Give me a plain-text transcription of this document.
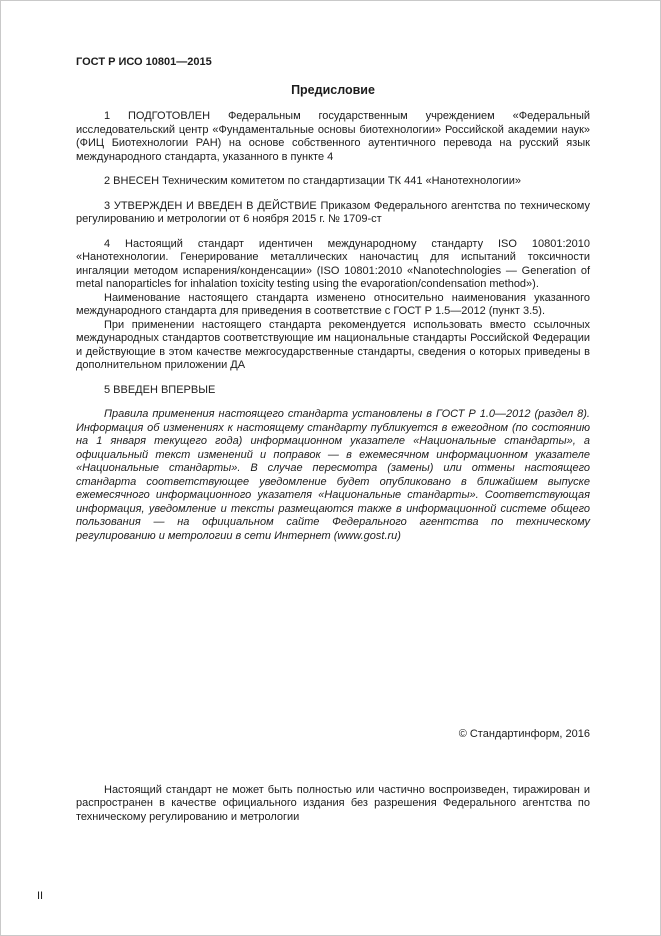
ГОСТ Р ИСО 10801—2015

Предисловие

1 ПОДГОТОВЛЕН Федеральным государственным учреждением «Федеральный исследовательский центр «Фундаментальные основы биотехнологии» Российской академии наук» (ФИЦ Биотехнологии РАН) на основе собственного аутентичного перевода на русский язык международного стандарта, указанного в пункте 4

2 ВНЕСЕН Техническим комитетом по стандартизации ТК 441 «Нанотехнологии»

3 УТВЕРЖДЕН И ВВЕДЕН В ДЕЙСТВИЕ Приказом Федерального агентства по техническому регулированию и метрологии от 6 ноября 2015 г. № 1709-ст

4 Настоящий стандарт идентичен международному стандарту ISO 10801:2010 «Нанотехнологии. Генерирование металлических наночастиц для испытаний токсичности ингаляции методом испарения/конденсации» (ISO 10801:2010 «Nanotechnologies — Generation of metal nanoparticles for inhalation toxicity testing using the evaporation/condensation method»).

Наименование настоящего стандарта изменено относительно наименования указанного международного стандарта для приведения в соответствие с ГОСТ Р 1.5—2012 (пункт 3.5).

При применении настоящего стандарта рекомендуется использовать вместо ссылочных международных стандартов соответствующие им национальные стандарты Российской Федерации и действующие в этом качестве межгосударственные стандарты, сведения о которых приведены в дополнительном приложении ДА

5 ВВЕДЕН ВПЕРВЫЕ

Правила применения настоящего стандарта установлены в ГОСТ Р 1.0—2012 (раздел 8). Информация об изменениях к настоящему стандарту публикуется в ежегодном (по состоянию на 1 января текущего года) информационном указателе «Национальные стандарты», а официальный текст изменений и поправок — в ежемесячном информационном указателе «Национальные стандарты». В случае пересмотра (замены) или отмены настоящего стандарта соответствующее уведомление будет опубликовано в ближайшем выпуске ежемесячного информационного указателя «Национальные стандарты». Соответствующая информация, уведомление и тексты размещаются также в информационной системе общего пользования — на официальном сайте Федерального агентства по техническому регулированию и метрологии в сети Интернет (www.gost.ru)

© Стандартинформ, 2016

Настоящий стандарт не может быть полностью или частично воспроизведен, тиражирован и распространен в качестве официального издания без разрешения Федерального агентства по техническому регулированию и метрологии

II
